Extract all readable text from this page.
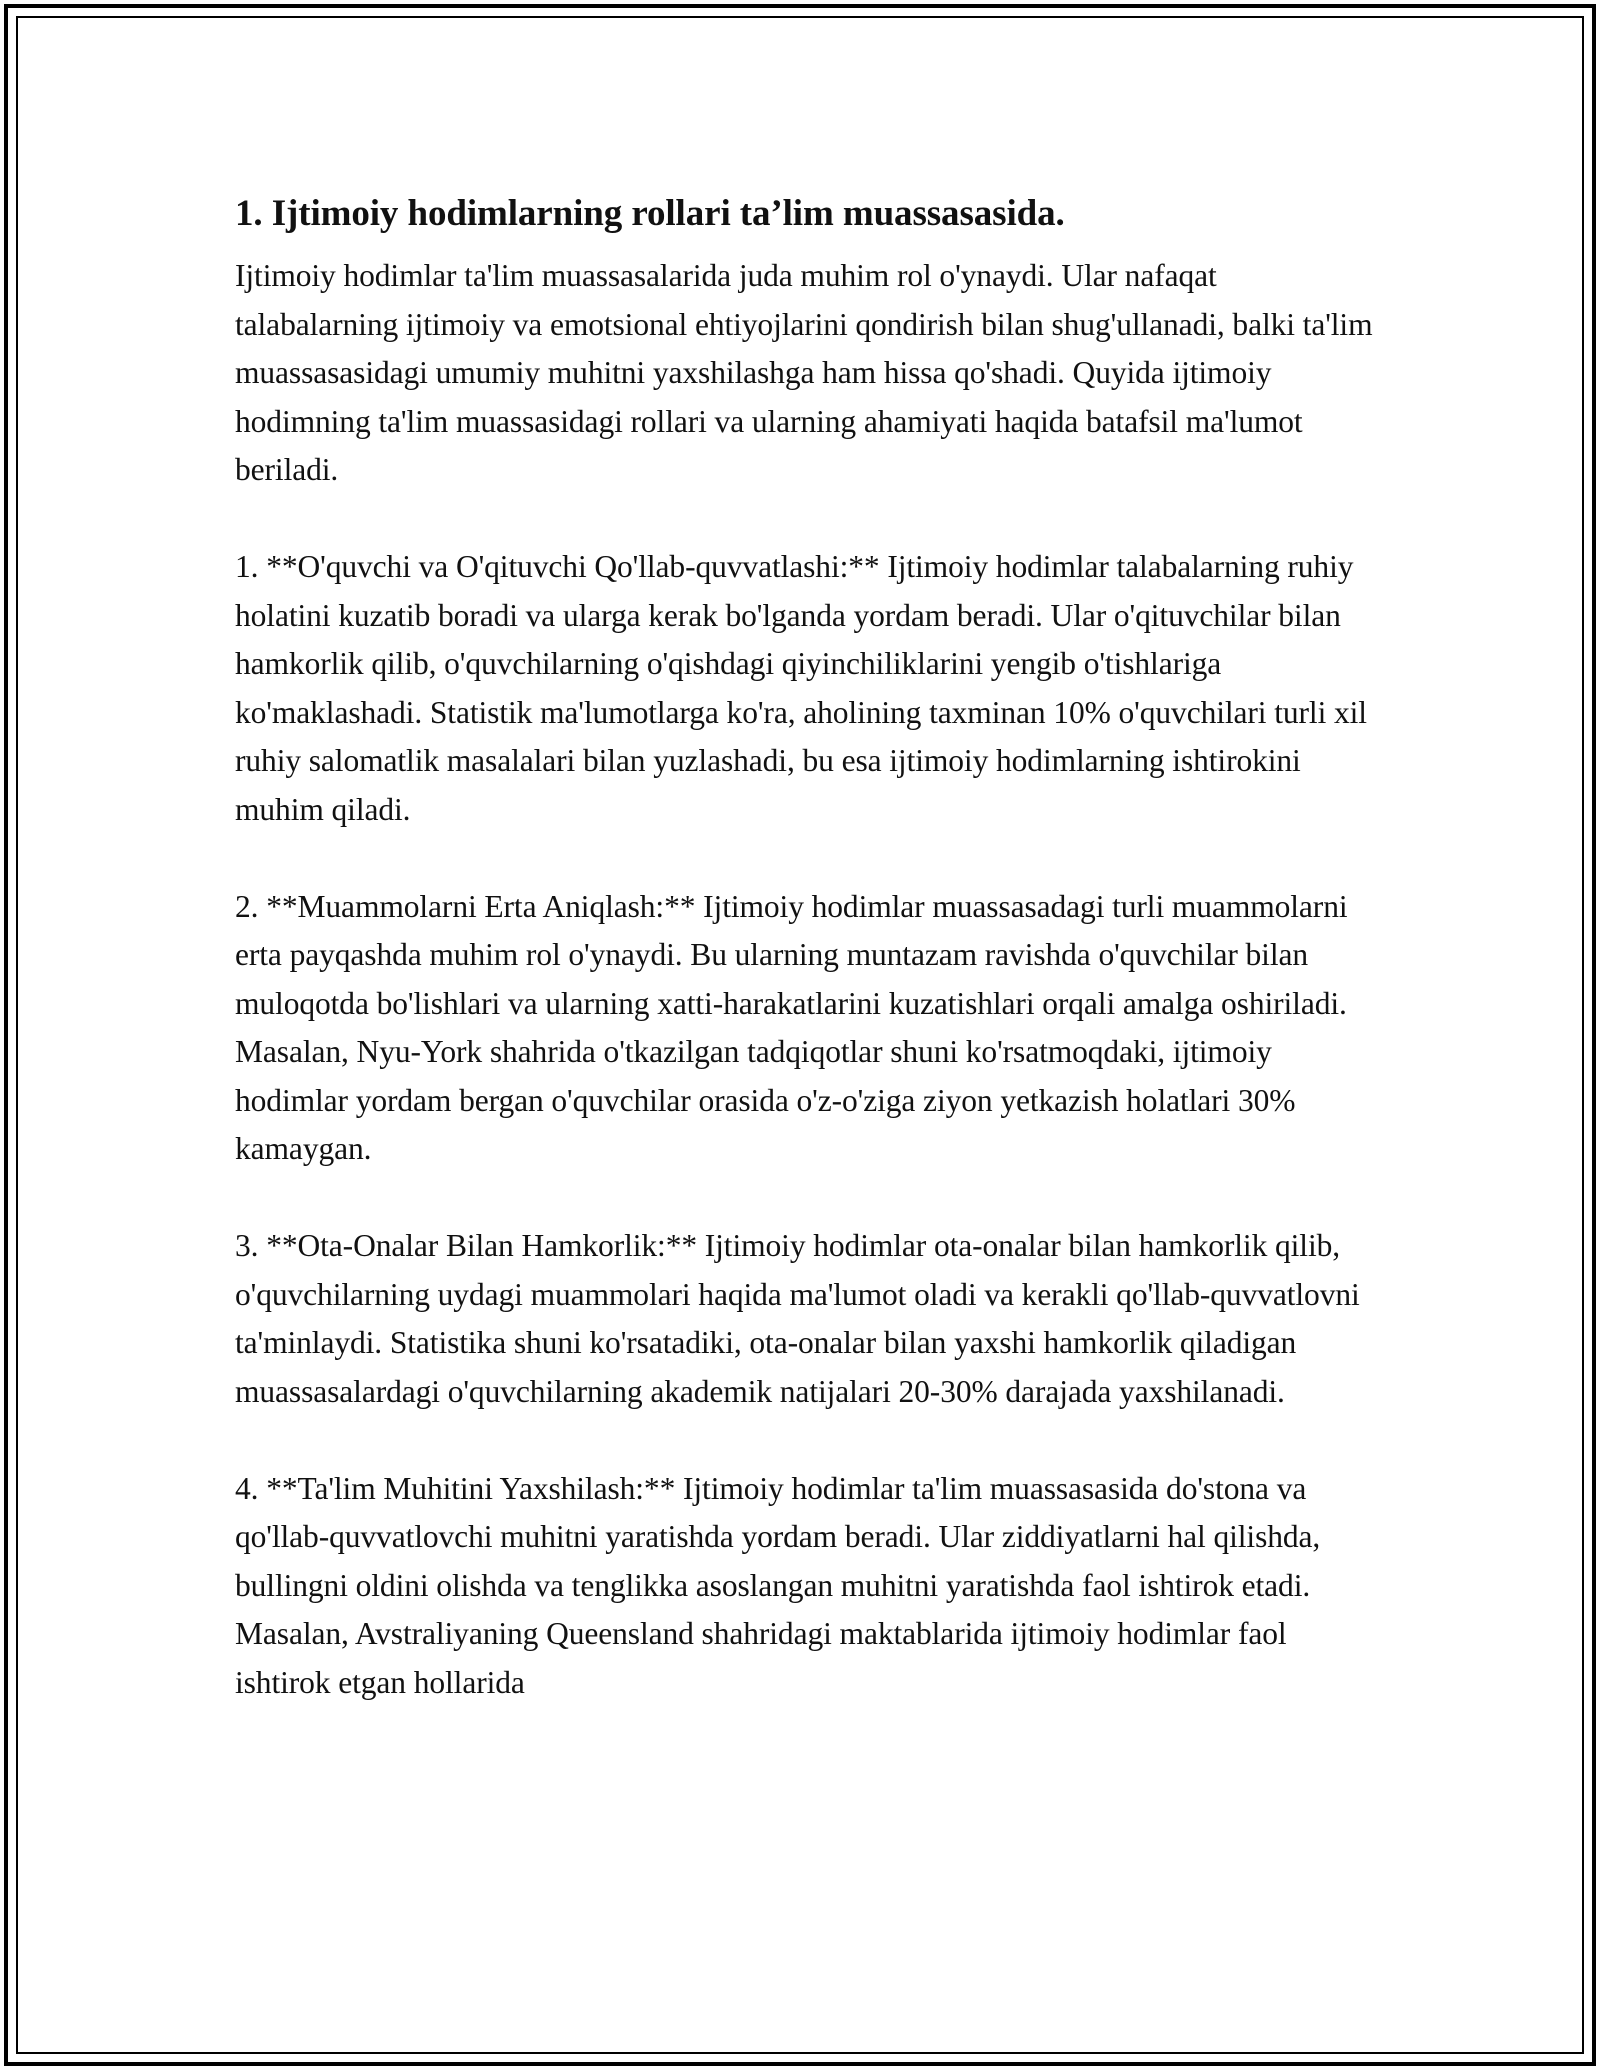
1. Ijtimoiy hodimlarning rollari ta’lim muassasasida.

Ijtimoiy hodimlar ta'lim muassasalarida juda muhim rol o'ynaydi. Ular nafaqat talabalarning ijtimoiy va emotsional ehtiyojlarini qondirish bilan shug'ullanadi, balki ta'lim muassasasidagi umumiy muhitni yaxshilashga ham hissa qo'shadi. Quyida ijtimoiy hodimning ta'lim muassasidagi rollari va ularning ahamiyati haqida batafsil ma'lumot beriladi.

1. **O'quvchi va O'qituvchi Qo'llab-quvvatlashi:** Ijtimoiy hodimlar talabalarning ruhiy holatini kuzatib boradi va ularga kerak bo'lganda yordam beradi. Ular o'qituvchilar bilan hamkorlik qilib, o'quvchilarning o'qishdagi qiyinchiliklarini yengib o'tishlariga ko'maklashadi. Statistik ma'lumotlarga ko'ra, aholining taxminan 10% o'quvchilari turli xil ruhiy salomatlik masalalari bilan yuzlashadi, bu esa ijtimoiy hodimlarning ishtirokini muhim qiladi.

2. **Muammolarni Erta Aniqlash:** Ijtimoiy hodimlar muassasadagi turli muammolarni erta payqashda muhim rol o'ynaydi. Bu ularning muntazam ravishda o'quvchilar bilan muloqotda bo'lishlari va ularning xatti-harakatlarini kuzatishlari orqali amalga oshiriladi. Masalan, Nyu-York shahrida o'tkazilgan tadqiqotlar shuni ko'rsatmoqdaki, ijtimoiy hodimlar yordam bergan o'quvchilar orasida o'z-o'ziga ziyon yetkazish holatlari 30% kamaygan.

3. **Ota-Onalar Bilan Hamkorlik:** Ijtimoiy hodimlar ota-onalar bilan hamkorlik qilib, o'quvchilarning uydagi muammolari haqida ma'lumot oladi va kerakli qo'llab-quvvatlovni ta'minlaydi. Statistika shuni ko'rsatadiki, ota-onalar bilan yaxshi hamkorlik qiladigan muassasalardagi o'quvchilarning akademik natijalari 20-30% darajada yaxshilanadi.

4. **Ta'lim Muhitini Yaxshilash:** Ijtimoiy hodimlar ta'lim muassasasida do'stona va qo'llab-quvvatlovchi muhitni yaratishda yordam beradi. Ular ziddiyatlarni hal qilishda, bullingni oldini olishda va tenglikka asoslangan muhitni yaratishda faol ishtirok etadi. Masalan, Avstraliyaning Queensland shahridagi maktablarida ijtimoiy hodimlar faol ishtirok etgan hollarida
